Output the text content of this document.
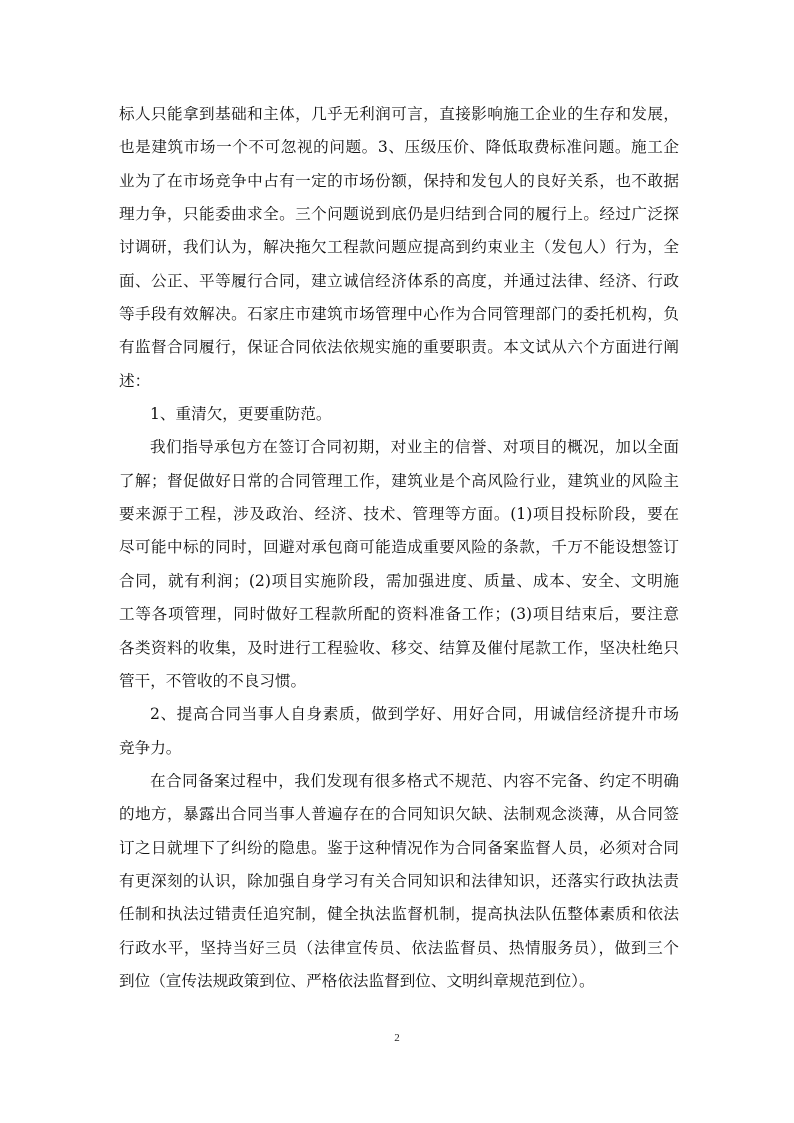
标人只能拿到基础和主体，几乎无利润可言，直接影响施工企业的生存和发展，
也是建筑市场一个不可忽视的问题。3、压级压价、降低取费标准问题。施工企
业为了在市场竞争中占有一定的市场份额，保持和发包人的良好关系，也不敢据
理力争，只能委曲求全。三个问题说到底仍是归结到合同的履行上。经过广泛探
讨调研，我们认为，解决拖欠工程款问题应提高到约束业主（发包人）行为，全
面、公正、平等履行合同，建立诚信经济体系的高度，并通过法律、经济、行政
等手段有效解决。石家庄市建筑市场管理中心作为合同管理部门的委托机构，负
有监督合同履行，保证合同依法依规实施的重要职责。本文试从六个方面进行阐
述：
1、重清欠，更要重防范。
我们指导承包方在签订合同初期，对业主的信誉、对项目的概况，加以全面
了解；督促做好日常的合同管理工作，建筑业是个高风险行业，建筑业的风险主
要来源于工程，涉及政治、经济、技术、管理等方面。(1)项目投标阶段，要在
尽可能中标的同时，回避对承包商可能造成重要风险的条款，千万不能设想签订
合同，就有利润；(2)项目实施阶段，需加强进度、质量、成本、安全、文明施
工等各项管理，同时做好工程款所配的资料准备工作；(3)项目结束后，要注意
各类资料的收集，及时进行工程验收、移交、结算及催付尾款工作，坚决杜绝只
管干，不管收的不良习惯。
2、提高合同当事人自身素质，做到学好、用好合同，用诚信经济提升市场
竞争力。
在合同备案过程中，我们发现有很多格式不规范、内容不完备、约定不明确
的地方，暴露出合同当事人普遍存在的合同知识欠缺、法制观念淡薄，从合同签
订之日就埋下了纠纷的隐患。鉴于这种情况作为合同备案监督人员，必须对合同
有更深刻的认识，除加强自身学习有关合同知识和法律知识，还落实行政执法责
任制和执法过错责任追究制，健全执法监督机制，提高执法队伍整体素质和依法
行政水平，坚持当好三员（法律宣传员、依法监督员、热情服务员），做到三个
到位（宣传法规政策到位、严格依法监督到位、文明纠章规范到位）。
2
